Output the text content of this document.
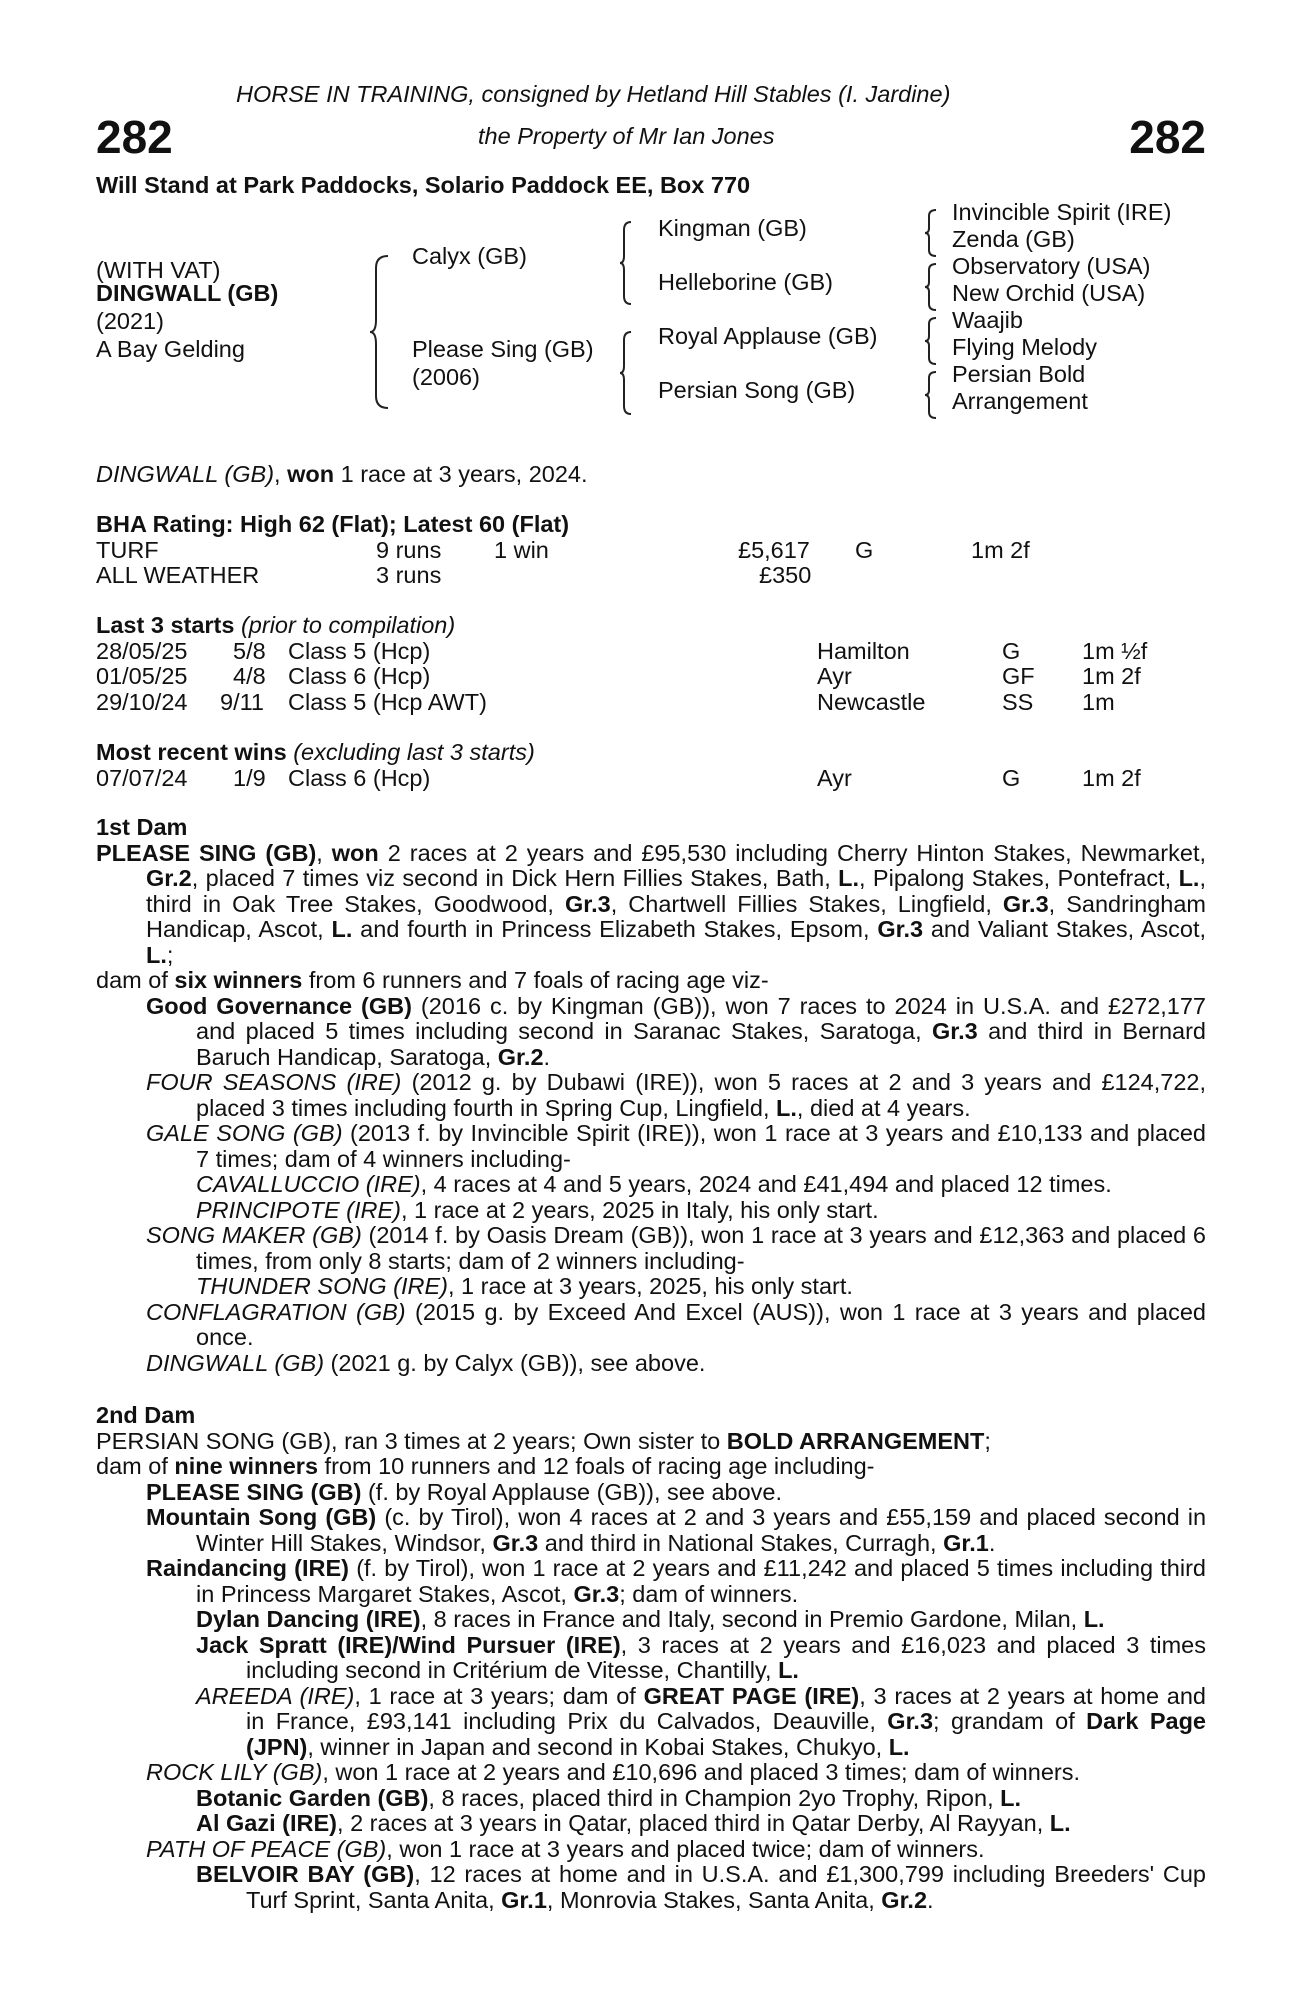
HORSE IN TRAINING, consigned by Hetland Hill Stables (I. Jardine)
282	the Property of Mr Ian Jones	282
Will Stand at Park Paddocks, Solario Paddock EE, Box 770
(WITH VAT)
DINGWALL (GB)
(2021)
A Bay Gelding
Calyx (GB)
Please Sing (GB)
(2006)
Kingman (GB)
Helleborine (GB)
Royal Applause (GB)
Persian Song (GB)
Invincible Spirit (IRE)
Zenda (GB)
Observatory (USA)
New Orchid (USA)
Waajib
Flying Melody
Persian Bold
Arrangement
DINGWALL (GB), won 1 race at 3 years, 2024.
BHA Rating: High 62 (Flat); Latest 60 (Flat)
TURF	9 runs 1 win	£5,617 G	1m 2f
ALL WEATHER	3 runs	£350
Last 3 starts (prior to compilation)
28/05/25 5/8 Class 5 (Hcp)	Hamilton	G	1m ½f
01/05/25 4/8 Class 6 (Hcp)	Ayr	GF 1m 2f
29/10/24 9/11 Class 5 (Hcp AWT)	Newcastle	SS 1m
Most recent wins (excluding last 3 starts)
07/07/24 1/9 Class 6 (Hcp)	Ayr	G	1m 2f

1st Dam

PLEASE SING (GB), won 2 races at 2 years and £95,530 including Cherry Hinton Stakes, Newmarket, Gr.2, placed 7 times viz second in Dick Hern Fillies Stakes, Bath, L., Pipalong Stakes, Pontefract, L., third in Oak Tree Stakes, Goodwood, Gr.3, Chartwell Fillies Stakes, Lingfield, Gr.3, Sandringham Handicap, Ascot, L. and fourth in Princess Elizabeth Stakes, Epsom, Gr.3 and Valiant Stakes, Ascot, L.;

dam of six winners from 6 runners and 7 foals of racing age viz-

Good Governance (GB) (2016 c. by Kingman (GB)), won 7 races to 2024 in U.S.A. and £272,177 and placed 5 times including second in Saranac Stakes, Saratoga, Gr.3 and third in Bernard Baruch Handicap, Saratoga, Gr.2.

FOUR SEASONS (IRE) (2012 g. by Dubawi (IRE)), won 5 races at 2 and 3 years and £124,722, placed 3 times including fourth in Spring Cup, Lingfield, L., died at 4 years.

GALE SONG (GB) (2013 f. by Invincible Spirit (IRE)), won 1 race at 3 years and £10,133 and placed 7 times; dam of 4 winners including-

CAVALLUCCIO (IRE), 4 races at 4 and 5 years, 2024 and £41,494 and placed 12 times.

PRINCIPOTE (IRE), 1 race at 2 years, 2025 in Italy, his only start.

SONG MAKER (GB) (2014 f. by Oasis Dream (GB)), won 1 race at 3 years and £12,363 and placed 6 times, from only 8 starts; dam of 2 winners including-

THUNDER SONG (IRE), 1 race at 3 years, 2025, his only start.

CONFLAGRATION (GB) (2015 g. by Exceed And Excel (AUS)), won 1 race at 3 years and placed once.

DINGWALL (GB) (2021 g. by Calyx (GB)), see above.

2nd Dam

PERSIAN SONG (GB), ran 3 times at 2 years; Own sister to BOLD ARRANGEMENT;

dam of nine winners from 10 runners and 12 foals of racing age including-

PLEASE SING (GB) (f. by Royal Applause (GB)), see above.

Mountain Song (GB) (c. by Tirol), won 4 races at 2 and 3 years and £55,159 and placed second in Winter Hill Stakes, Windsor, Gr.3 and third in National Stakes, Curragh, Gr.1.

Raindancing (IRE) (f. by Tirol), won 1 race at 2 years and £11,242 and placed 5 times including third in Princess Margaret Stakes, Ascot, Gr.3; dam of winners.

Dylan Dancing (IRE), 8 races in France and Italy, second in Premio Gardone, Milan, L.

Jack Spratt (IRE)/Wind Pursuer (IRE), 3 races at 2 years and £16,023 and placed 3 times including second in Critérium de Vitesse, Chantilly, L.

AREEDA (IRE), 1 race at 3 years; dam of GREAT PAGE (IRE), 3 races at 2 years at home and in France, £93,141 including Prix du Calvados, Deauville, Gr.3; grandam of Dark Page (JPN), winner in Japan and second in Kobai Stakes, Chukyo, L.

ROCK LILY (GB), won 1 race at 2 years and £10,696 and placed 3 times; dam of winners.

Botanic Garden (GB), 8 races, placed third in Champion 2yo Trophy, Ripon, L.

Al Gazi (IRE), 2 races at 3 years in Qatar, placed third in Qatar Derby, Al Rayyan, L.

PATH OF PEACE (GB), won 1 race at 3 years and placed twice; dam of winners.

BELVOIR BAY (GB), 12 races at home and in U.S.A. and £1,300,799 including Breeders' Cup Turf Sprint, Santa Anita, Gr.1, Monrovia Stakes, Santa Anita, Gr.2.
